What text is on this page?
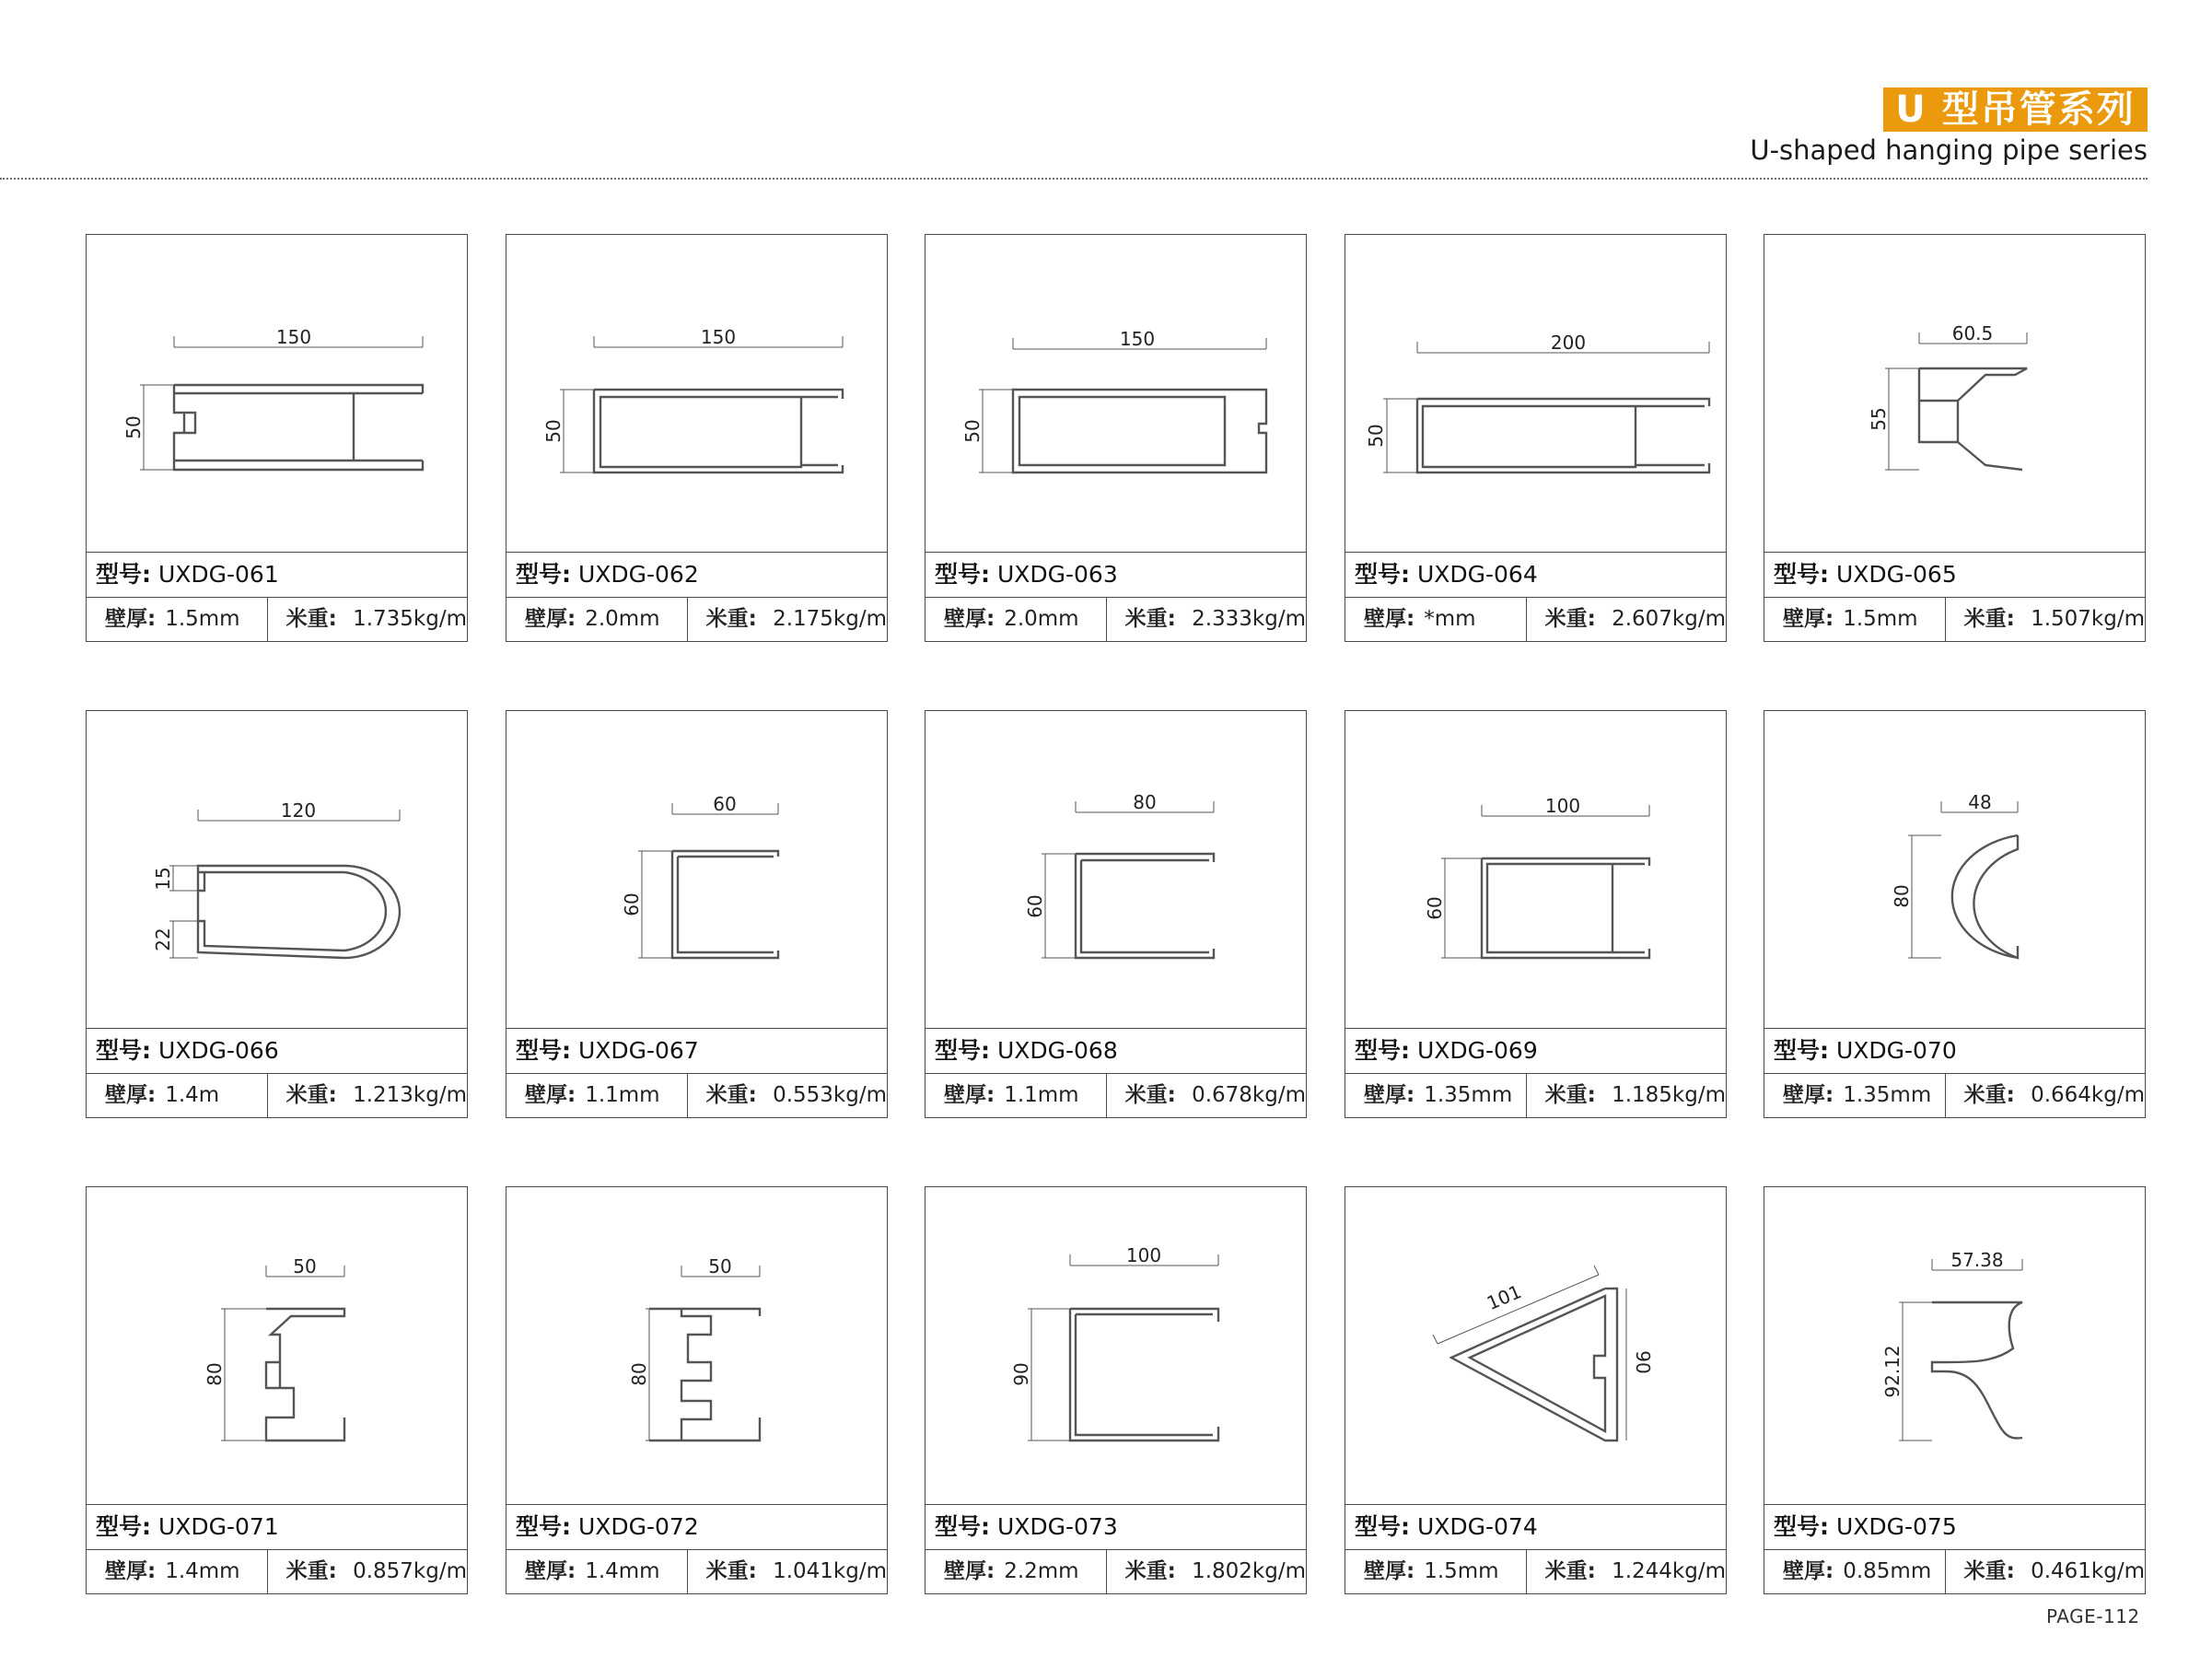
U 型吊管系列
U-shaped hanging pipe series
150
50
型号: UXDG-061
壁厚: 1.5mm	米重: 1.735kg/m
150
50
型号: UXDG-062
壁厚: 2.0mm	米重: 2.175kg/m
150
50
型号: UXDG-063
壁厚: 2.0mm	米重: 2.333kg/m
200
50
型号: UXDG-064
壁厚: *mm	米重: 2.607kg/m
60.5
55
型号: UXDG-065
壁厚: 1.5mm	米重: 1.507kg/m
120
15
22
型号: UXDG-066
壁厚: 1.4m	米重: 1.213kg/m
60
60
型号: UXDG-067
壁厚: 1.1mm	米重: 0.553kg/m
80
60
型号: UXDG-068
壁厚: 1.1mm	米重: 0.678kg/m
100
60
型号: UXDG-069
壁厚: 1.35mm	米重: 1.185kg/m
48
80
型号: UXDG-070
壁厚: 1.35mm	米重: 0.664kg/m
50
80
型号: UXDG-071
壁厚: 1.4mm	米重: 0.857kg/m
50
80
型号: UXDG-072
壁厚: 1.4mm	米重: 1.041kg/m
100
90
型号: UXDG-073
壁厚: 2.2mm	米重: 1.802kg/m
101
90
型号: UXDG-074
壁厚: 1.5mm	米重: 1.244kg/m
57.38
92.12
型号: UXDG-075
壁厚: 0.85mm	米重: 0.461kg/m
PAGE-112
